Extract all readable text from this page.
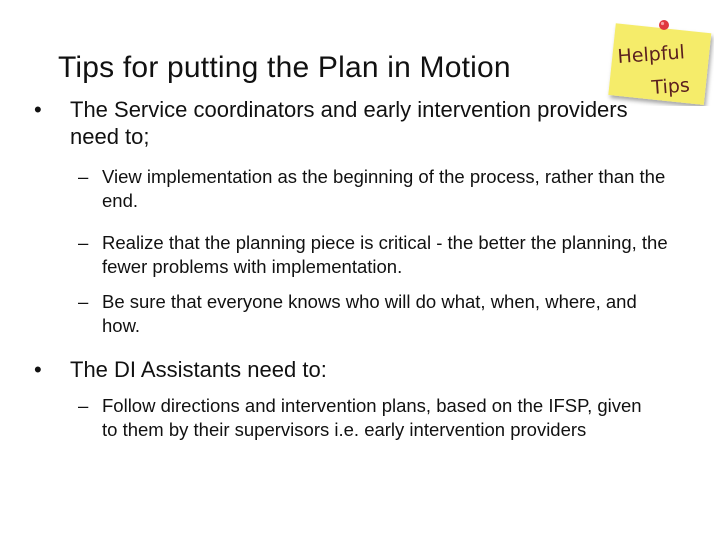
Helpful
Tips
Tips for putting the Plan in Motion
• The Service coordinators and early intervention providers need to;
– View implementation as the beginning of the process, rather than the end.
– Realize that the planning piece is critical - the better the planning, the fewer problems with implementation.
– Be sure that everyone knows who will do what, when, where, and how.
• The DI Assistants need to:
– Follow directions and intervention plans, based on the IFSP, given to them by their supervisors i.e. early intervention providers
